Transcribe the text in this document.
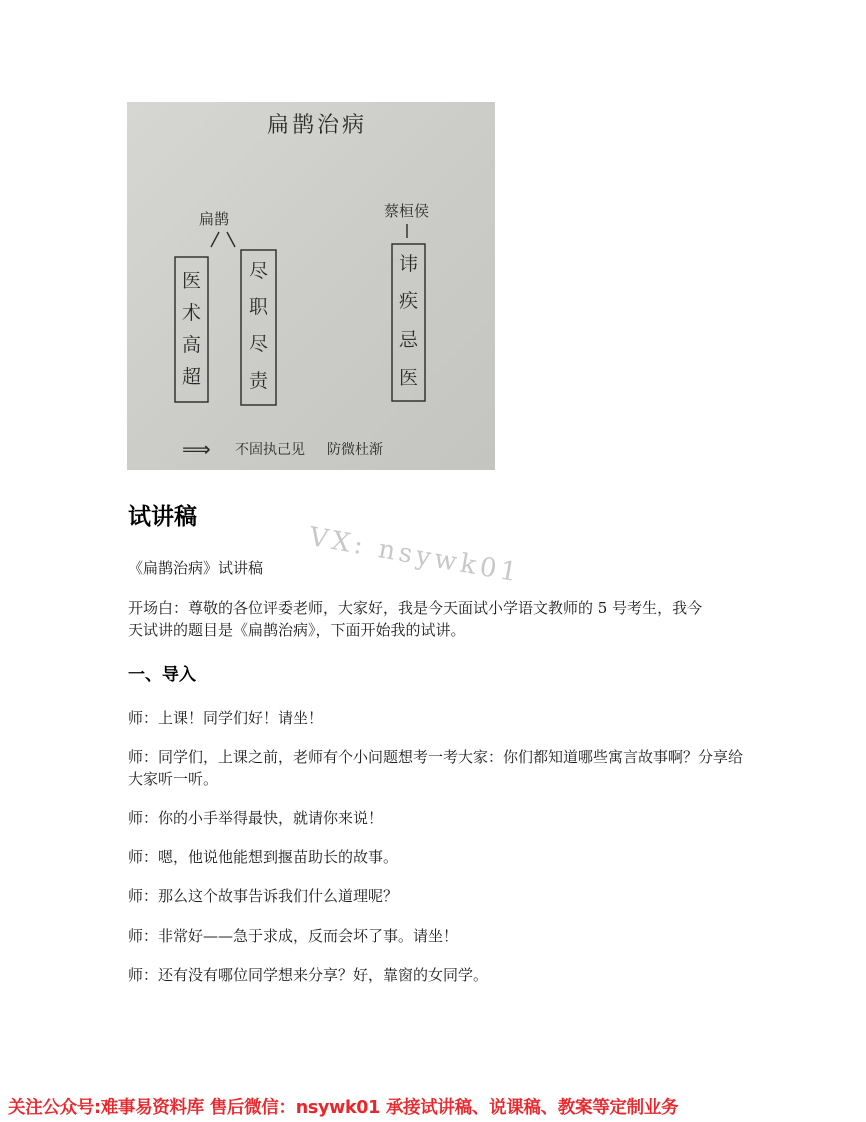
扁鹊治病
扁鹊	蔡桓侯
医
术
高
超
尽
职
尽
责
讳
疾
忌
医
⟹ 不固执己见 防微杜渐
试讲稿
VX: nsywk01

《扁鹊治病》试讲稿

开场白：尊敬的各位评委老师，大家好，我是今天面试小学语文教师的 5 号考生，我今天试讲的题目是《扁鹊治病》，下面开始我的试讲。

一、导入

师：上课！同学们好！请坐！

师：同学们，上课之前，老师有个小问题想考一考大家：你们都知道哪些寓言故事啊？分享给大家听一听。

师：你的小手举得最快，就请你来说！

师：嗯，他说他能想到揠苗助长的故事。

师：那么这个故事告诉我们什么道理呢？

师：非常好——急于求成，反而会坏了事。请坐！

师：还有没有哪位同学想来分享？好，靠窗的女同学。

关注公众号:难事易资料库 售后微信：nsywk01 承接试讲稿、说课稿、教案等定制业务
